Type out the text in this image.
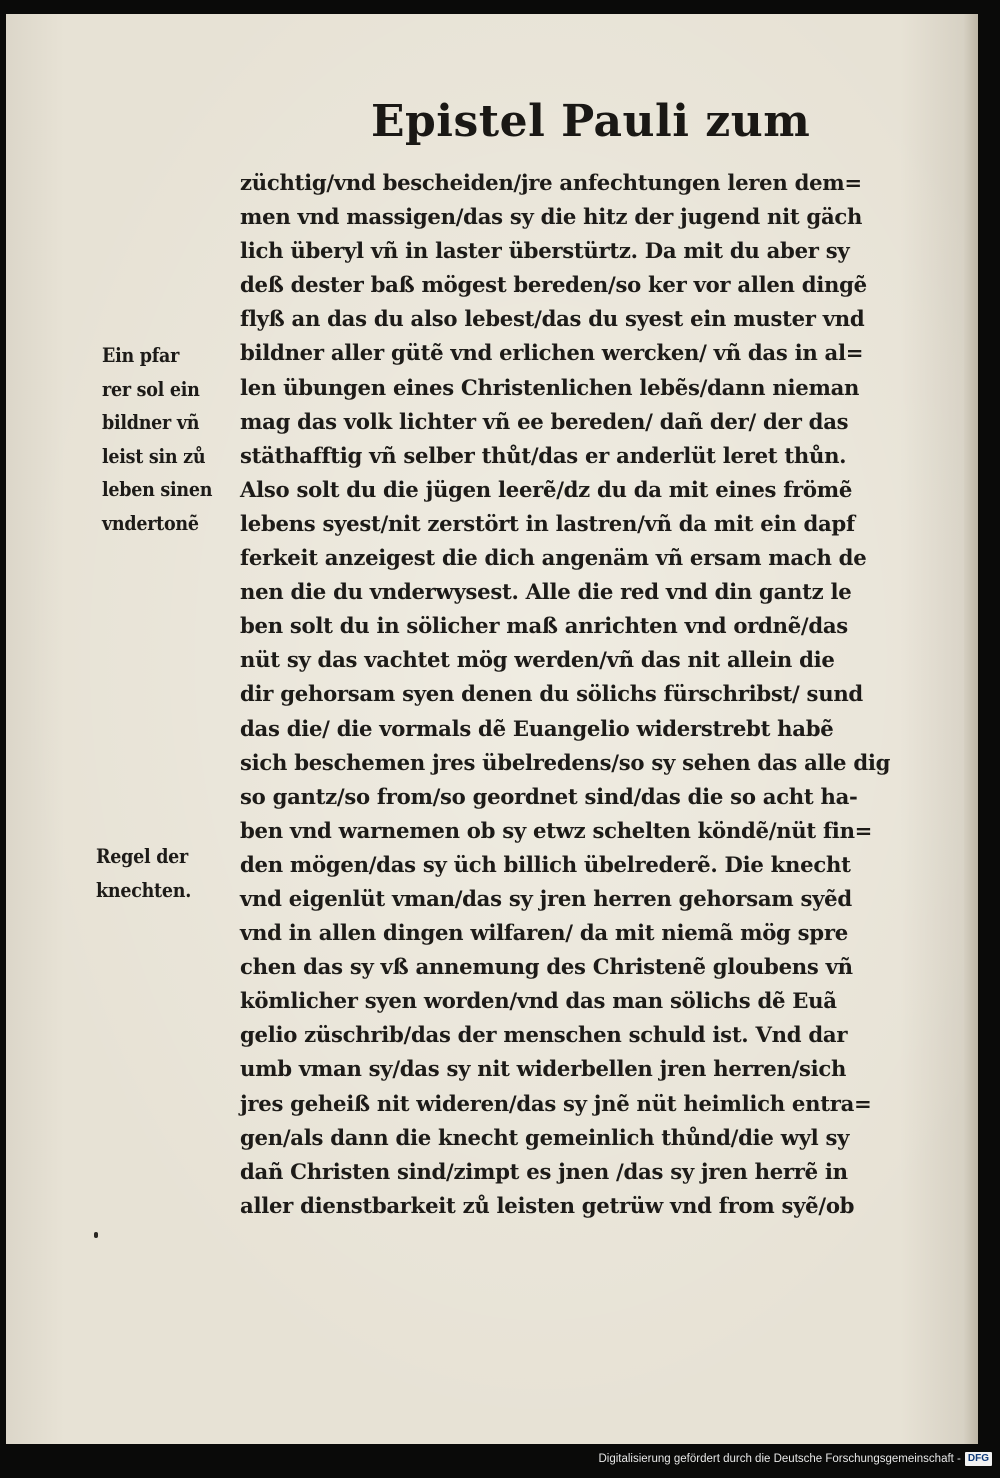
Epistel Pauli zum
züchtig/vnd bescheiden/jre anfechtungen leren dem=
men vnd massigen/das sy die hitz der jugend nit gäch
lich überyl vñ in laster überstürtz. Da mit du aber sy
deß dester baß mögest bereden/so ker vor allen dingẽ
flyß an das du also lebest/das du syest ein muster vnd
bildner aller gütẽ vnd erlichen wercken/ vñ das in al=
len übungen eines Christenlichen lebẽs/dann nieman
mag das volk lichter vñ ee bereden/ dañ der/ der das
stäthafftig vñ selber thůt/das er anderlüt leret thůn.
Also solt du die jügen leerẽ/dz du da mit eines frömẽ
lebens syest/nit zerstört in lastren/vñ da mit ein dapf
ferkeit anzeigest die dich angenäm vñ ersam mach de
nen die du vnderwysest. Alle die red vnd din gantz le
ben solt du in sölicher maß anrichten vnd ordnẽ/das
nüt sy das vachtet mög werden/vñ das nit allein die
dir gehorsam syen denen du sölichs fürschribst/ sund
das die/ die vormals dẽ Euangelio widerstrebt habẽ
sich beschemen jres übelredens/so sy sehen das alle dig
so gantz/so from/so geordnet sind/das die so acht ha-
ben vnd warnemen ob sy etwz schelten köndẽ/nüt fin=
den mögen/das sy üch billich übelrederẽ. Die knecht
vnd eigenlüt vman/das sy jren herren gehorsam syẽd
vnd in allen dingen wilfaren/ da mit niemã mög spre
chen das sy vß annemung des Christenẽ gloubens vñ
kömlicher syen worden/vnd das man sölichs dẽ Euã
gelio züschrib/das der menschen schuld ist. Vnd dar
umb vman sy/das sy nit widerbellen jren herren/sich
jres geheiß nit wideren/das sy jnẽ nüt heimlich entra=
gen/als dann die knecht gemeinlich thůnd/die wyl sy
dañ Christen sind/zimpt es jnen /das sy jren herrẽ in
aller dienstbarkeit zů leisten getrüw vnd from syẽ/ob
Ein pfar
rer sol ein
bildner vñ
leist sin zů
leben sinen
vndertonẽ
Regel der
knechten.
Digitalisierung gefördert durch die Deutsche Forschungsgemeinschaft - DFG
